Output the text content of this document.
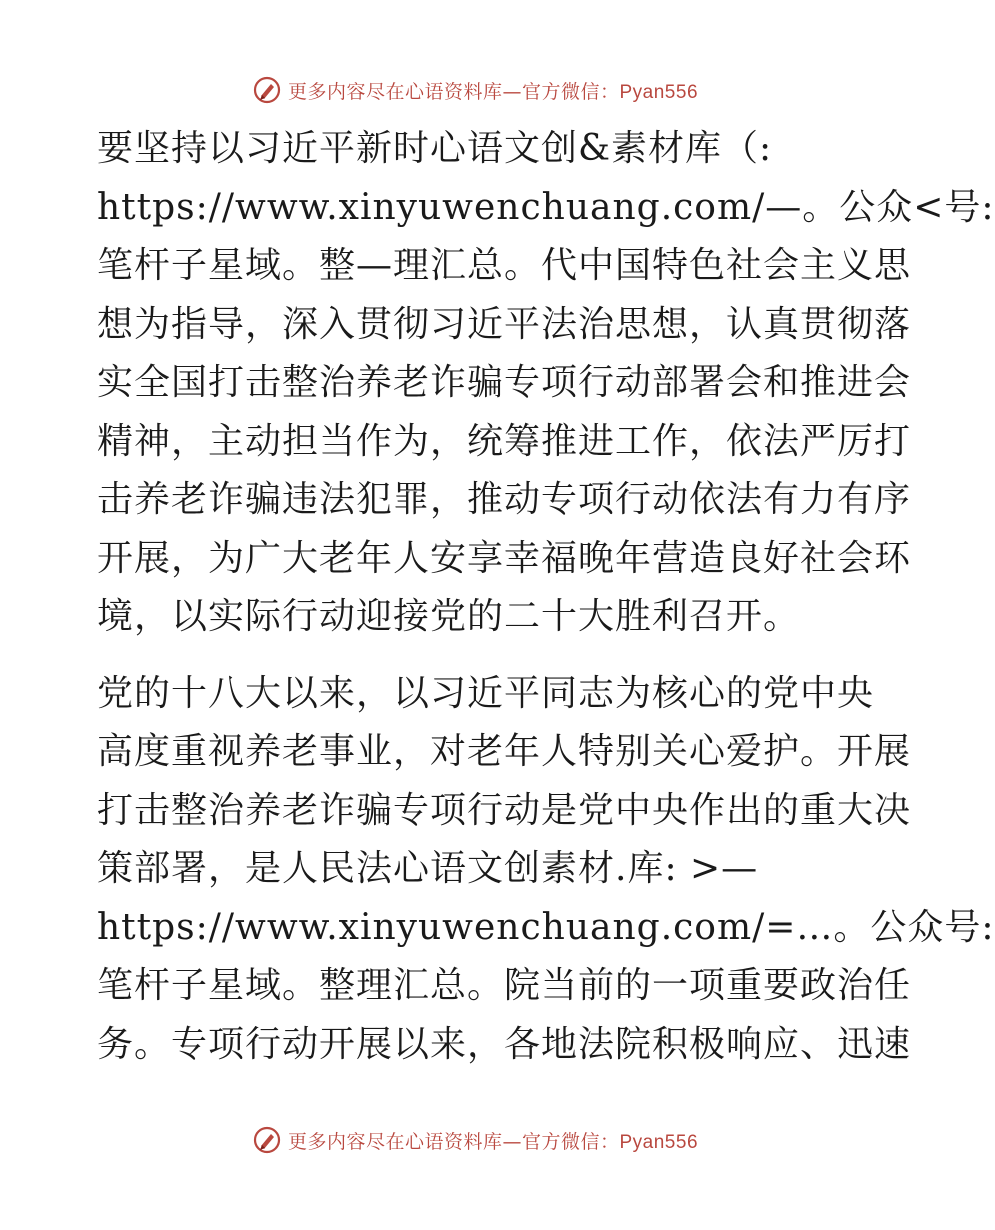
更多内容尽在心语资料库—官方微信：Pyan556

要坚持以习近平新时心语文创&素材库（:
https://www.xinyuwenchuang.com/—。公众<号:
笔杆子星域。整—理汇总。代中国特色社会主义思
想为指导，深入贯彻习近平法治思想，认真贯彻落
实全国打击整治养老诈骗专项行动部署会和推进会
精神，主动担当作为，统筹推进工作，依法严厉打
击养老诈骗违法犯罪，推动专项行动依法有力有序
开展，为广大老年人安享幸福晚年营造良好社会环
境，以实际行动迎接党的二十大胜利召开。

党的十八大以来，以习近平同志为核心的党中央
高度重视养老事业，对老年人特别关心爱护。开展
打击整治养老诈骗专项行动是党中央作出的重大决
策部署，是人民法心语文创素材.库: >—
https://www.xinyuwenchuang.com/=…。公众号:
笔杆子星域。整理汇总。院当前的一项重要政治任
务。专项行动开展以来，各地法院积极响应、迅速

更多内容尽在心语资料库—官方微信：Pyan556
